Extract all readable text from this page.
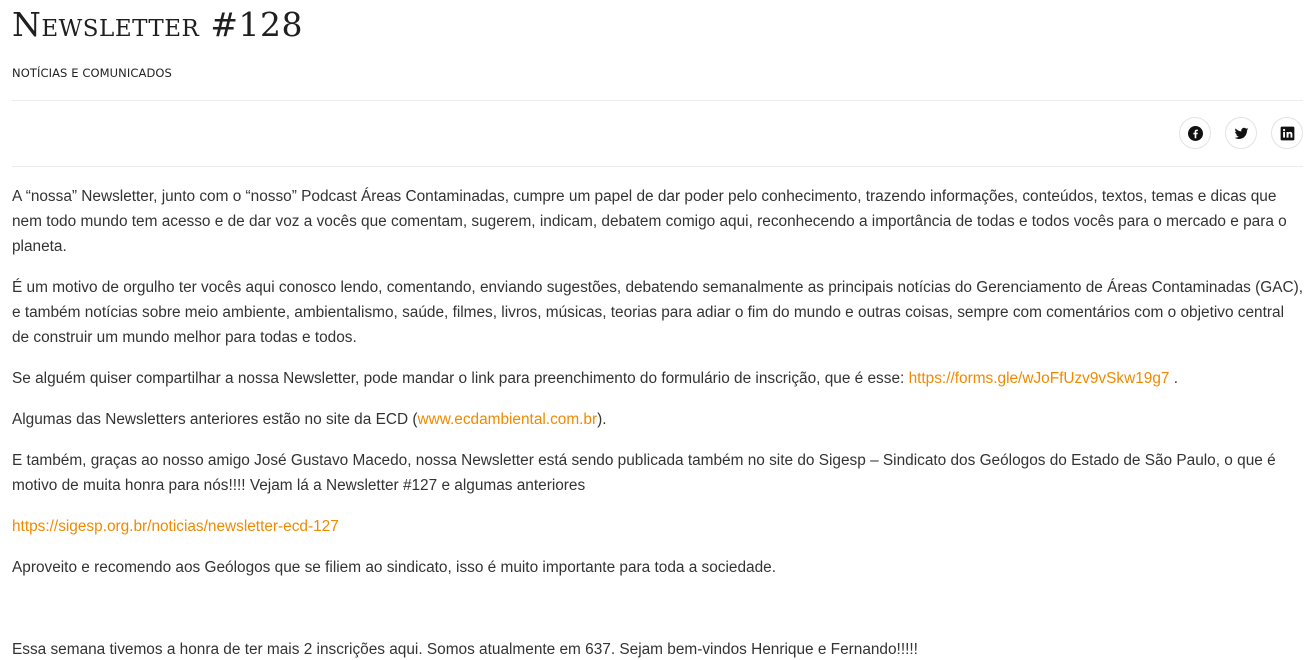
Newsletter #128
NOTÍCIAS E COMUNICADOS

A “nossa” Newsletter, junto com o “nosso” Podcast Áreas Contaminadas, cumpre um papel de dar poder pelo conhecimento, trazendo informações, conteúdos, textos, temas e dicas que nem todo mundo tem acesso e de dar voz a vocês que comentam, sugerem, indicam, debatem comigo aqui, reconhecendo a importância de todas e todos vocês para o mercado e para o planeta.

É um motivo de orgulho ter vocês aqui conosco lendo, comentando, enviando sugestões, debatendo semanalmente as principais notícias do Gerenciamento de Áreas Contaminadas (GAC), e também notícias sobre meio ambiente, ambientalismo, saúde, filmes, livros, músicas, teorias para adiar o fim do mundo e outras coisas, sempre com comentários com o objetivo central de construir um mundo melhor para todas e todos.

Se alguém quiser compartilhar a nossa Newsletter, pode mandar o link para preenchimento do formulário de inscrição, que é esse: https://forms.gle/wJoFfUzv9vSkw19g7 .

Algumas das Newsletters anteriores estão no site da ECD (www.ecdambiental.com.br).

E também, graças ao nosso amigo José Gustavo Macedo, nossa Newsletter está sendo publicada também no site do Sigesp – Sindicato dos Geólogos do Estado de São Paulo, o que é motivo de muita honra para nós!!!! Vejam lá a Newsletter #127 e algumas anteriores

https://sigesp.org.br/noticias/newsletter-ecd-127

Aproveito e recomendo aos Geólogos que se filiem ao sindicato, isso é muito importante para toda a sociedade.

Essa semana tivemos a honra de ter mais 2 inscrições aqui. Somos atualmente em 637. Sejam bem-vindos Henrique e Fernando!!!!!
